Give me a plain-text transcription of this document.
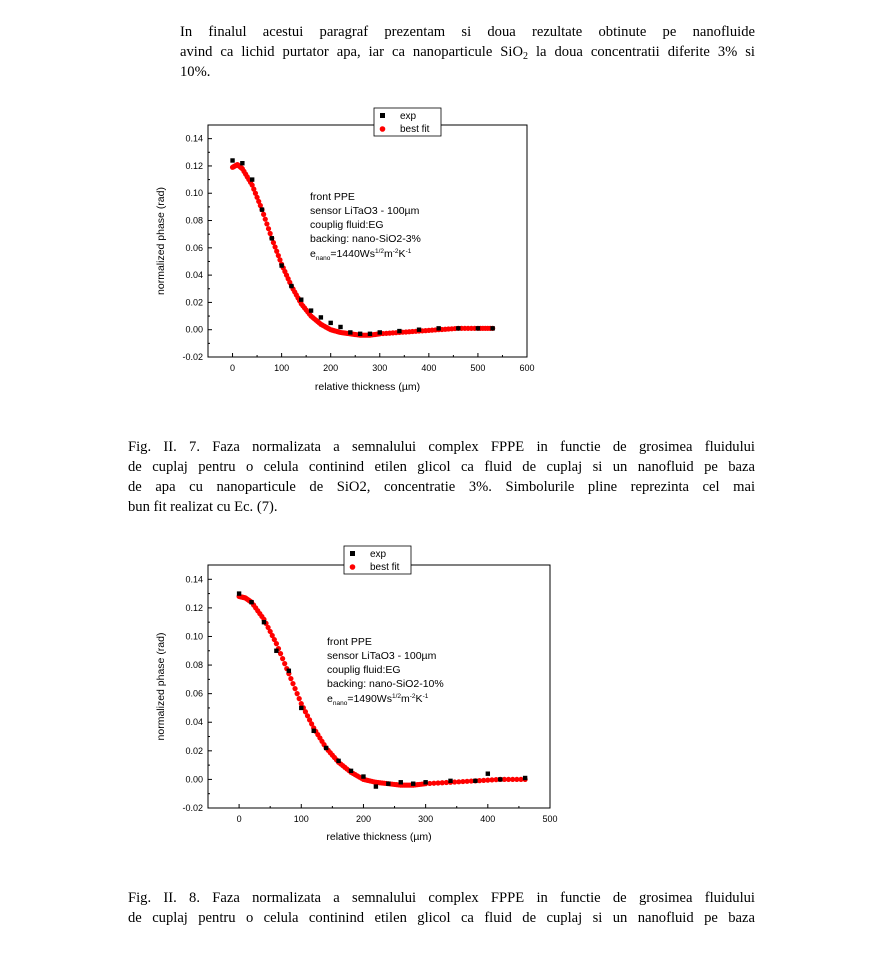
In finalul acestui paragraf prezentam si doua rezultate obtinute pe nanofluide
avind ca lichid purtator apa, iar ca nanoparticule SiO$_2$ la doua concentratii diferite 3% si
10%.

-0.02
0.00
0.02
0.04
0.06
0.08
0.10
0.12
0.14
0	100	200	300	400	500	600
relative thickness (µm)
normalized phase (rad)
exp
best fit
front PPE
sensor LiTaO3 - 100µm
couplig fluid:EG
backing: nano-SiO2-3%
$e_{nano}=1440Ws^{1/2}m^{-2}K^{-1}$
-0.02
0.00
0.02
0.04
0.06
0.08
0.10
0.12
0.14
0	100	200	300	400	500
relative thickness (µm)
normalized phase (rad)
exp
best fit
front PPE
sensor LiTaO3 - 100µm
couplig fluid:EG
backing: nano-SiO2-10%
$e_{nano}=1490Ws^{1/2}m^{-2}K^{-1}$

Fig. II. 7. Faza normalizata a semnalului complex FPPE in functie de grosimea fluidului
de cuplaj pentru o celula continind etilen glicol ca fluid de cuplaj si un nanofluid pe baza
de apa cu nanoparticule de SiO2, concentratie 3%. Simbolurile pline reprezinta cel mai
bun fit realizat cu Ec. (7).

Fig. II. 8. Faza normalizata a semnalului complex FPPE in functie de grosimea fluidului
de cuplaj pentru o celula continind etilen glicol ca fluid de cuplaj si un nanofluid pe baza
